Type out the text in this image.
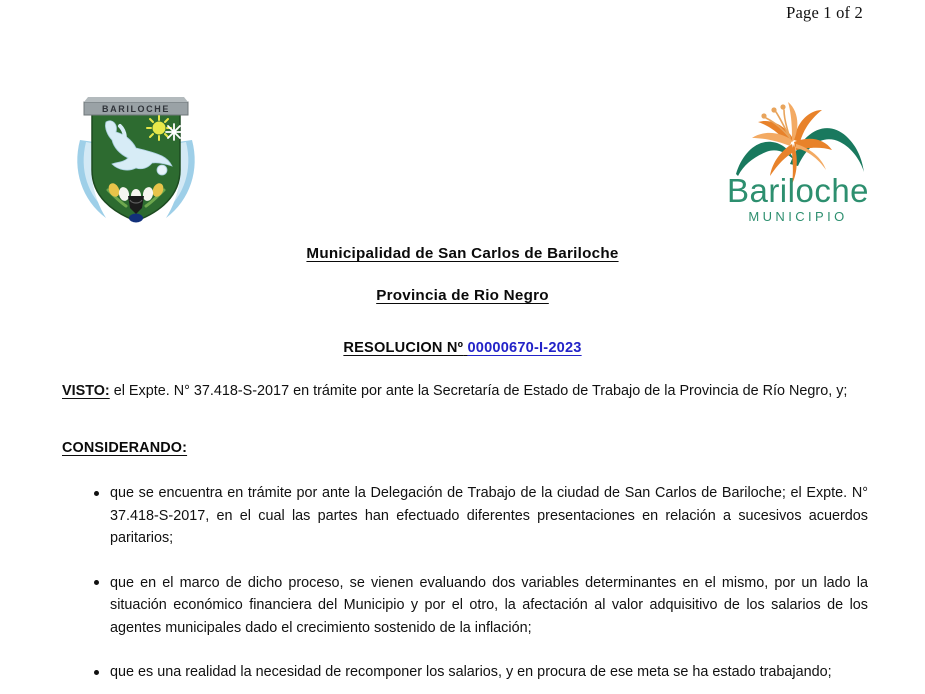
Page 1 of 2
BARILOCHE
Bariloche
MUNICIPIO
Municipalidad de San Carlos de Bariloche
Provincia de Rio Negro
RESOLUCION Nº 00000670-I-2023

VISTO: el Expte. N° 37.418-S-2017 en trámite por ante la Secretaría de Estado de Trabajo de la Provincia de Río Negro, y;

CONSIDERANDO:
que se encuentra en trámite por ante la Delegación de Trabajo de la ciudad de San Carlos de Bariloche; el Expte. N° 37.418-S-2017, en el cual las partes han efectuado diferentes presentaciones en relación a sucesivos acuerdos paritarios;
que en el marco de dicho proceso, se vienen evaluando dos variables determinantes en el mismo, por un lado la situación económico financiera del Municipio y por el otro, la afectación al valor adquisitivo de los salarios de los agentes municipales dado el crecimiento sostenido de la inflación;
que es una realidad la necesidad de recomponer los salarios, y en procura de ese meta se ha estado trabajando;
